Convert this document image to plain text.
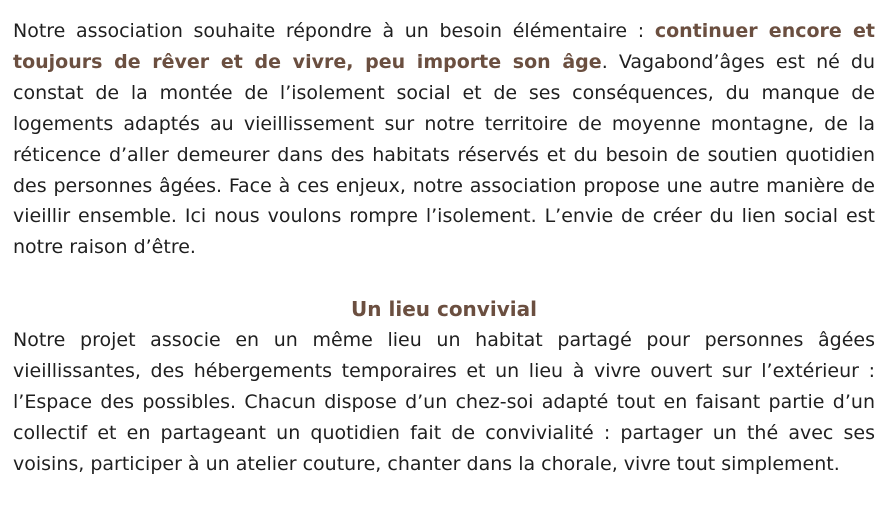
Notre association souhaite répondre à un besoin élémentaire : continuer encore et toujours de rêver et de vivre, peu importe son âge. Vagabond’âges est né du constat de la montée de l’isolement social et de ses conséquences, du manque de logements adaptés au vieillissement sur notre territoire de moyenne montagne, de la réticence d’aller demeurer dans des habitats réservés et du besoin de soutien quotidien des personnes âgées. Face à ces enjeux, notre association propose une autre manière de vieillir ensemble. Ici nous voulons rompre l’isolement. L’envie de créer du lien social est notre raison d’être.

Un lieu convivial

Notre projet associe en un même lieu un habitat partagé pour personnes âgées vieillissantes, des hébergements temporaires et un lieu à vivre ouvert sur l’extérieur : l’Espace des possibles. Chacun dispose d’un chez-soi adapté tout en faisant partie d’un collectif et en partageant un quotidien fait de convivialité : partager un thé avec ses voisins, participer à un atelier couture, chanter dans la chorale, vivre tout simplement.
